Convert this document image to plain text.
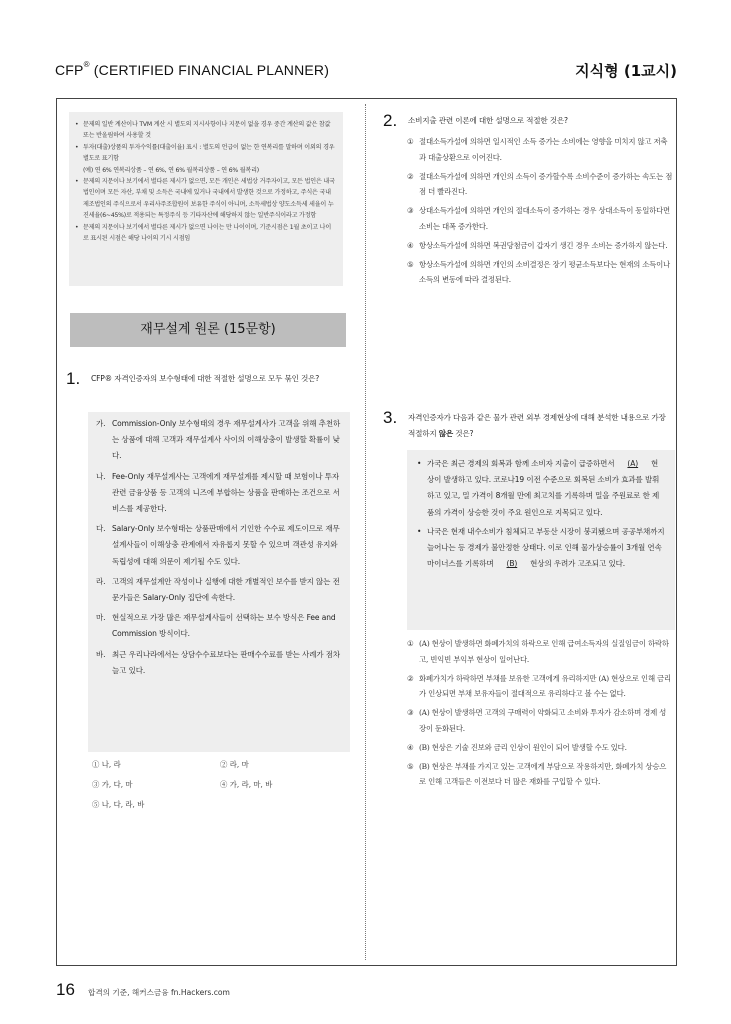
CFP® (CERTIFIED FINANCIAL PLANNER)	지식형 (1교시)
• 문제의 일반 계산이나 TVM 계산 시 별도의 지시사항이나 지문이 없을 경우 중간 계산의 값은 참값 또는 반올림하여 사용할 것
• 투자(대출)상품의 투자수익률(대출이율) 표시 : 별도의 언급이 없는 한 연복리를 말하며 이외의 경우 별도로 표기함
(예) 연 6% 연복리상품 – 연 6%, 연 6% 월복리상품 – 연 6% 월복리)
• 문제의 지문이나 보기에서 별다른 제시가 없으면, 모든 개인은 세법상 거주자이고, 모든 법인은 내국법인이며 모든 자산, 부채 및 소득은 국내에 있거나 국내에서 발생한 것으로 가정하고, 주식은 국내 제조법인의 주식으로서 우리사주조합원이 보유한 주식이 아니며, 소득세법상 양도소득세 세율이 누진세율(6~45%)로 적용되는 특정주식 등 기타자산에 해당하지 않는 일반주식이라고 가정함
• 문제의 지문이나 보기에서 별다른 제시가 없으면 나이는 만 나이이며, 기준시점은 1월 초이고 나이로 표시된 시점은 해당 나이의 기시 시점임
재무설계 원론 (15문항)
1. CFP® 자격인증자의 보수형태에 대한 적절한 설명으로 모두 묶인 것은?
가. Commission-Only 보수형태의 경우 재무설계사가 고객을 위해 추천하는 상품에 대해 고객과 재무설계사 사이의 이해상충이 발생할 확률이 낮다.
나. Fee-Only 재무설계사는 고객에게 재무설계를 제시할 때 보험이나 투자 관련 금융상품 등 고객의 니즈에 부합하는 상품을 판매하는 조건으로 서비스를 제공한다.
다. Salary-Only 보수형태는 상품판매에서 기인한 수수료 제도이므로 재무설계사들이 이해상충 관계에서 자유롭지 못할 수 있으며 객관성 유지와 독립성에 대해 의문이 제기될 수도 있다.
라. 고객의 재무설계안 작성이나 실행에 대한 개별적인 보수를 받지 않는 전문가들은 Salary-Only 집단에 속한다.
마. 현실적으로 가장 많은 재무설계사들이 선택하는 보수 방식은 Fee and Commission 방식이다.
바. 최근 우리나라에서는 상담수수료보다는 판매수수료를 받는 사례가 점차 늘고 있다.
① 나, 라	② 라, 마
③ 가, 다, 마	④ 가, 라, 마, 바
⑤ 나, 다, 라, 바
2. 소비지출 관련 이론에 대한 설명으로 적절한 것은?
① 절대소득가설에 의하면 일시적인 소득 증가는 소비에는 영향을 미치지 않고 저축과 대출상환으로 이어진다.
② 절대소득가설에 의하면 개인의 소득이 증가할수록 소비수준이 증가하는 속도는 점점 더 빨라진다.
③ 상대소득가설에 의하면 개인의 절대소득이 증가하는 경우 상대소득이 동일하다면 소비는 대폭 증가한다.
④ 항상소득가설에 의하면 복권당첨금이 갑자기 생긴 경우 소비는 증가하지 않는다.
⑤ 항상소득가설에 의하면 개인의 소비결정은 장기 평균소득보다는 현재의 소득이나 소득의 변동에 따라 결정된다.
3. 자격인증자가 다음과 같은 물가 관련 외부 경제현상에 대해 분석한 내용으로 가장 적절하지 않은 것은?
• 가국은 최근 경제의 회복과 함께 소비자 지출이 급증하면서 (A) 현상이 발생하고 있다. 코로나19 이전 수준으로 회복된 소비가 효과를 발휘하고 있고, 밀 가격이 8개월 만에 최고치를 기록하며 밀을 주원료로 한 제품의 가격이 상승한 것이 주요 원인으로 지목되고 있다.
• 나국은 현재 내수소비가 침체되고 부동산 시장이 붕괴됐으며 공공부채까지 늘어나는 등 경제가 불안정한 상태다. 이로 인해 물가상승률이 3개월 연속 마이너스를 기록하며 (B) 현상의 우려가 고조되고 있다.
① (A) 현상이 발생하면 화폐가치의 하락으로 인해 급여소득자의 실질임금이 하락하고, 빈익빈 부익부 현상이 일어난다.
② 화폐가치가 하락하면 부채를 보유한 고객에게 유리하지만 (A) 현상으로 인해 금리가 인상되면 부채 보유자들이 절대적으로 유리하다고 볼 수는 없다.
③ (A) 현상이 발생하면 고객의 구매력이 약화되고 소비와 투자가 감소하며 경제 성장이 둔화된다.
④ (B) 현상은 기술 진보와 금리 인상이 원인이 되어 발생할 수도 있다.
⑤ (B) 현상은 부채를 가지고 있는 고객에게 부담으로 작용하지만, 화폐가치 상승으로 인해 고객들은 이전보다 더 많은 재화를 구입할 수 있다.
16 합격의 기준, 해커스금융 fn.Hackers.com
